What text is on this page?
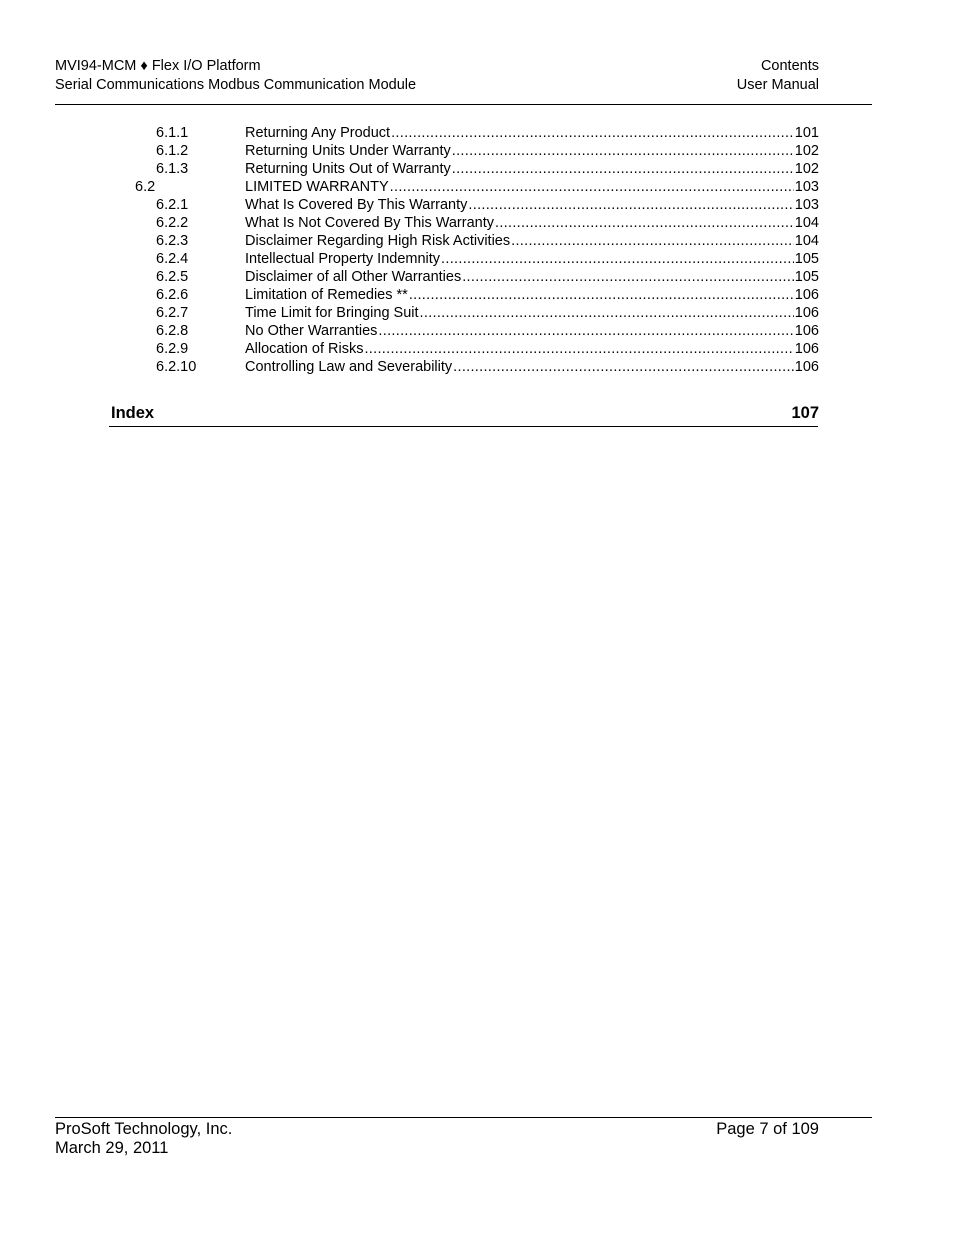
MVI94-MCM ♦ Flex I/O Platform	Contents
Serial Communications Modbus Communication Module	User Manual
6.1.1	Returning Any Product .....	101
6.1.2	Returning Units Under Warranty .....	102
6.1.3	Returning Units Out of Warranty .....	102
6.2	LIMITED WARRANTY .....	103
6.2.1	What Is Covered By This Warranty .....	103
6.2.2	What Is Not Covered By This Warranty .....	104
6.2.3	Disclaimer Regarding High Risk Activities .....	104
6.2.4	Intellectual Property Indemnity .....	105
6.2.5	Disclaimer of all Other Warranties .....	105
6.2.6	Limitation of Remedies ** .....	106
6.2.7	Time Limit for Bringing Suit .....	106
6.2.8	No Other Warranties .....	106
6.2.9	Allocation of Risks .....	106
6.2.10	Controlling Law and Severability .....	106
Index	107
ProSoft Technology, Inc.	Page 7 of 109
March 29, 2011
